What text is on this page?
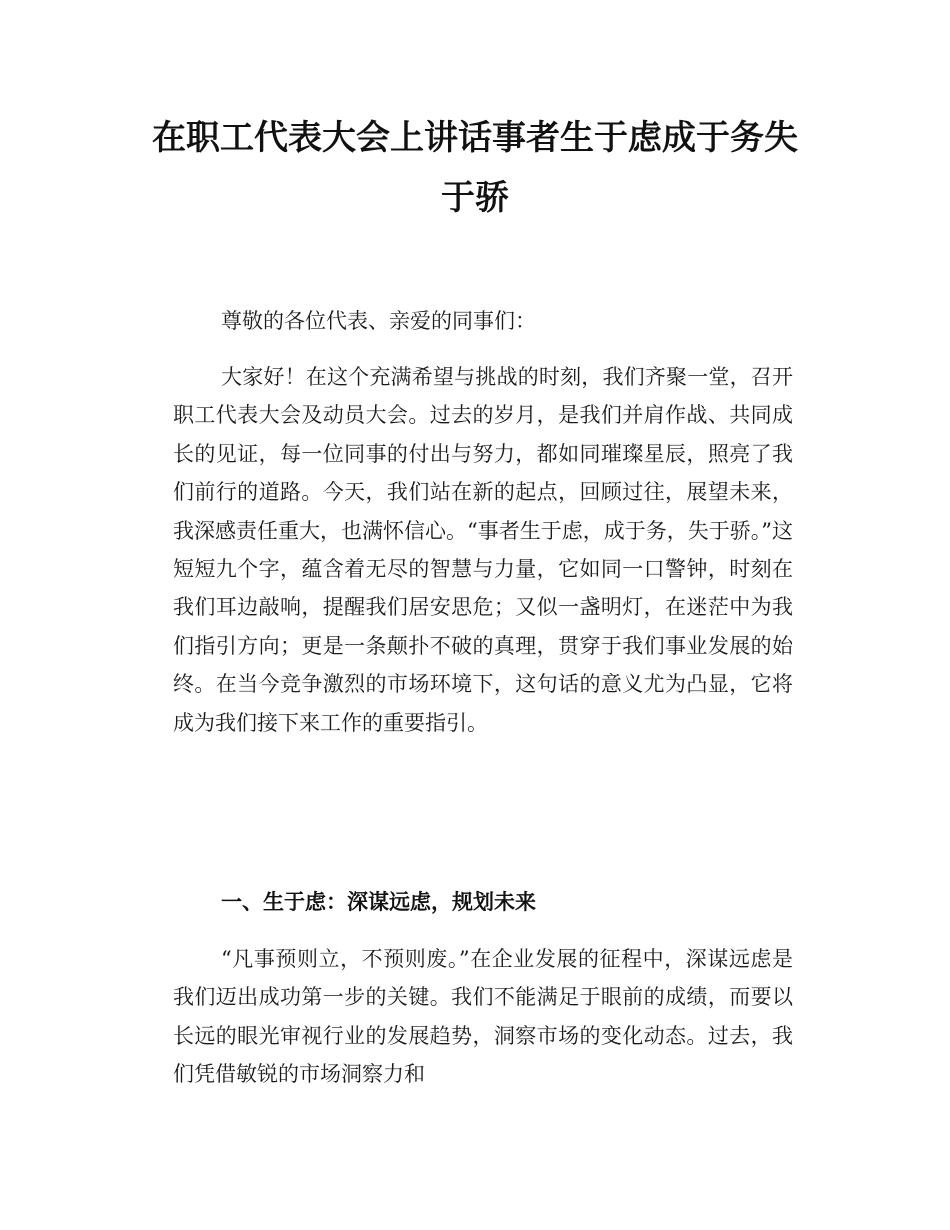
在职工代表大会上讲话事者生于虑成于务失于骄

尊敬的各位代表、亲爱的同事们：

大家好！在这个充满希望与挑战的时刻，我们齐聚一堂，召开职工代表大会及动员大会。过去的岁月，是我们并肩作战、共同成长的见证，每一位同事的付出与努力，都如同璀璨星辰，照亮了我们前行的道路。今天，我们站在新的起点，回顾过往，展望未来，我深感责任重大，也满怀信心。“事者生于虑，成于务，失于骄。”这短短九个字，蕴含着无尽的智慧与力量，它如同一口警钟，时刻在我们耳边敲响，提醒我们居安思危；又似一盏明灯，在迷茫中为我们指引方向；更是一条颠扑不破的真理，贯穿于我们事业发展的始终。在当今竞争激烈的市场环境下，这句话的意义尤为凸显，它将成为我们接下来工作的重要指引。

一、生于虑：深谋远虑，规划未来

“凡事预则立，不预则废。”在企业发展的征程中，深谋远虑是我们迈出成功第一步的关键。我们不能满足于眼前的成绩，而要以长远的眼光审视行业的发展趋势，洞察市场的变化动态。过去，我们凭借敏锐的市场洞察力和
